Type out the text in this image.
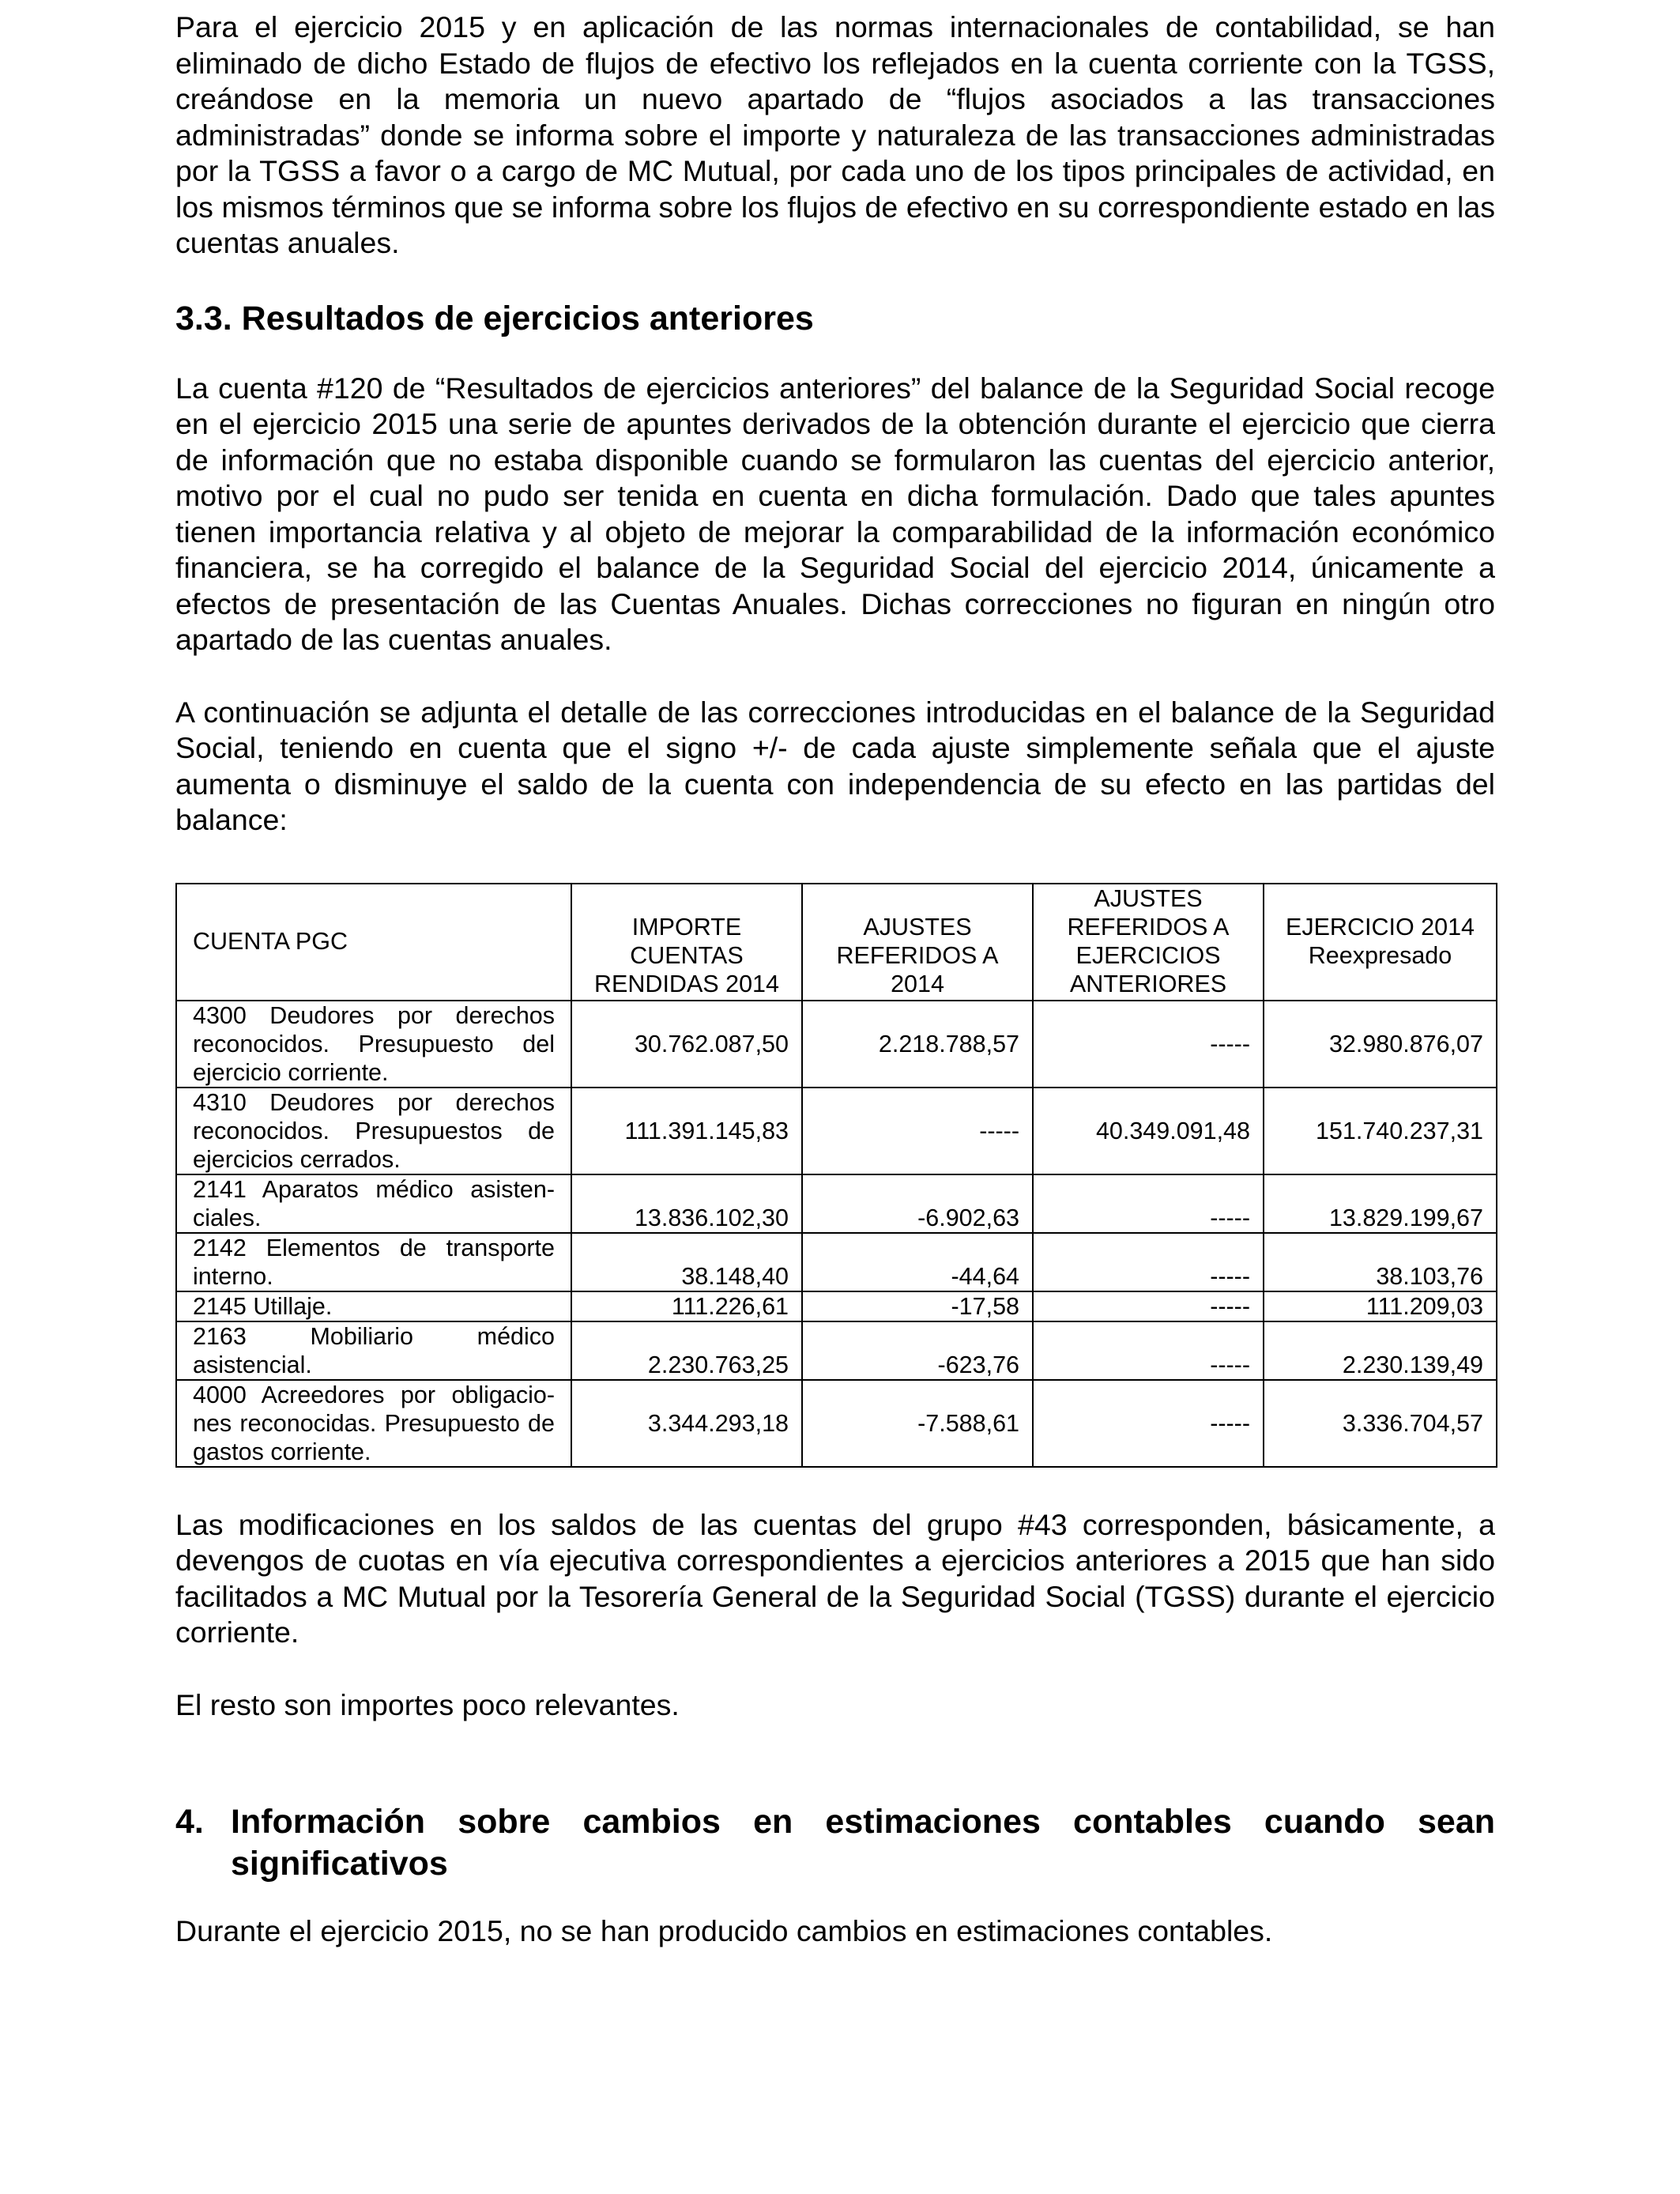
Para el ejercicio 2015 y en aplicación de las normas internacionales de contabilidad, se han eliminado de dicho Estado de flujos de efectivo los reflejados en la cuenta corriente con la TGSS, creándose en la memoria un nuevo apartado de “flujos asociados a las transacciones administradas” donde se informa sobre el importe y naturaleza de las transacciones administradas por la TGSS a favor o a cargo de MC Mutual, por cada uno de los tipos principales de actividad, en los mismos términos que se informa sobre los flujos de efectivo en su correspondiente estado en las cuentas anuales.

3.3. Resultados de ejercicios anteriores

La cuenta #120 de “Resultados de ejercicios anteriores” del balance de la Seguridad Social recoge en el ejercicio 2015 una serie de apuntes derivados de la obtención durante el ejercicio que cierra de información que no estaba disponible cuando se formularon las cuentas del ejercicio anterior, motivo por el cual no pudo ser tenida en cuenta en dicha formulación. Dado que tales apuntes tienen importancia relativa y al objeto de mejorar la comparabilidad de la información económico financiera, se ha corregido el balance de la Seguridad Social del ejercicio 2014, únicamente a efectos de presentación de las Cuentas Anuales. Dichas correcciones no figuran en ningún otro apartado de las cuentas anuales.

A continuación se adjunta el detalle de las correcciones introducidas en el balance de la Seguridad Social, teniendo en cuenta que el signo +/- de cada ajuste simplemente señala que el ajuste aumenta o disminuye el saldo de la cuenta con independencia de su efecto en las partidas del balance:

CUENTA PGC	IMPORTE CUENTAS RENDIDAS 2014	AJUSTES REFERIDOS A 2014	AJUSTES REFERIDOS A EJERCICIOS ANTERIORES	EJERCICIO 2014
Reexpresado

4300 Deudores por derechos reconocidos. Presupuesto del ejercicio corriente.	30.762.087,50	2.218.788,57	-----	32.980.876,07
4310 Deudores por derechos reconocidos. Presupuestos de ejercicios cerrados.	111.391.145,83	-----	40.349.091,48	151.740.237,31
2141 Aparatos médico asisten-ciales.	13.836.102,30	-6.902,63	-----	13.829.199,67
2142 Elementos de transporte interno.	38.148,40	-44,64	-----	38.103,76
2145 Utillaje.	111.226,61	-17,58	-----	111.209,03
2163 Mobiliario médico asistencial.	2.230.763,25	-623,76	-----	2.230.139,49
4000 Acreedores por obligacio-nes reconocidas. Presupuesto de gastos corriente.	3.344.293,18	-7.588,61	-----	3.336.704,57

Las modificaciones en los saldos de las cuentas del grupo #43 corresponden, básicamente, a devengos de cuotas en vía ejecutiva correspondientes a ejercicios anteriores a 2015 que han sido facilitados a MC Mutual por la Tesorería General de la Seguridad Social (TGSS) durante el ejercicio corriente.

El resto son importes poco relevantes.

4. Información sobre cambios en estimaciones contables cuando sean significativos

Durante el ejercicio 2015, no se han producido cambios en estimaciones contables.
